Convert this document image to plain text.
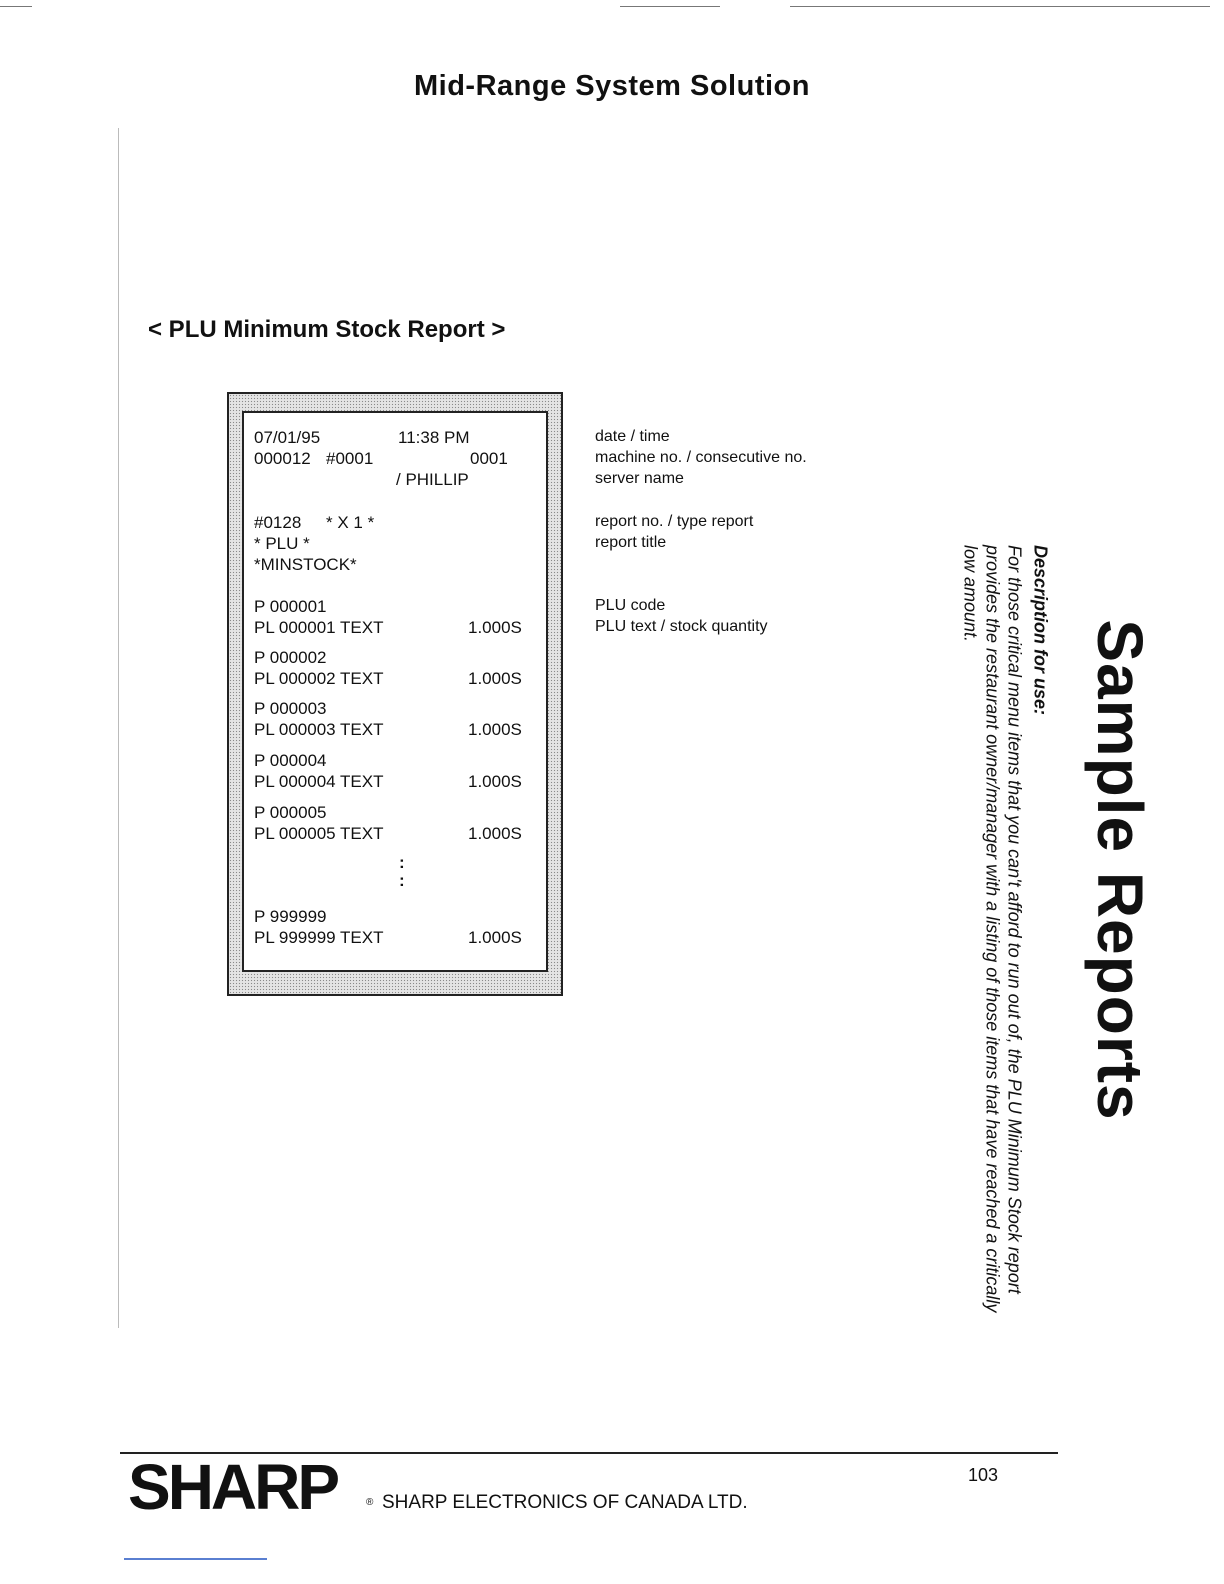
Mid-Range System Solution
< PLU Minimum Stock Report >
07/01/95	11:38 PM
000012 #0001	0001
/ PHILLIP
#0128 * X 1 *
* PLU *
*MINSTOCK*
P 000001
PL 000001 TEXT	1.000S
P 000002
PL 000002 TEXT	1.000S
P 000003
PL 000003 TEXT	1.000S
P 000004
PL 000004 TEXT	1.000S
P 000005
PL 000005 TEXT	1.000S
:
:
P 999999
PL 999999 TEXT	1.000S
date / time
machine no. / consecutive no.
server name
report no. / type report
report title
PLU code
PLU text / stock quantity	Sample Reports
Description for use:
For those critical menu items that you can't afford to run out of, the PLU Minimum Stock report provides the restaurant owner/manager with a listing of those items that have reached a critically low amount.
103
SHARP	® SHARP ELECTRONICS OF CANADA LTD.
